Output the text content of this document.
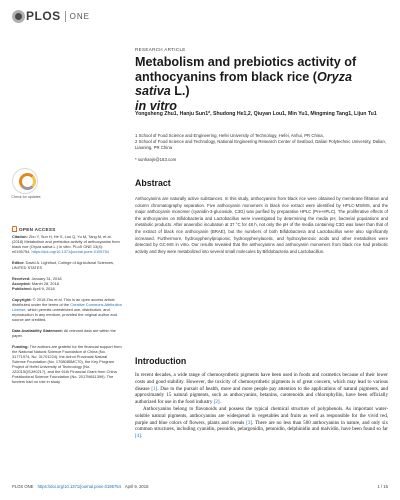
PLOS ONE
RESEARCH ARTICLE
Metabolism and prebiotics activity of anthocyanins from black rice (Oryza sativa L.)
in vitro
Yongsheng Zhu1, Hanju Sun1*, Shudong He1,2, Qiuyan Lou1, Min Yu1, Mingming Tang1, Lijun Tu1
1 School of Food Science and Engineering, Hefei University of Technology, Hefei, Anhui, PR China,
2 School of Food Science and Technology, National Engineering Research Center of Seafood, Dalian Polytechnic University, Dalian, Liaoning, PR China
* sunhanjn@163.com
Check for updates
Abstract
Anthocyanins are naturally active substances. In this study, anthocyanins from black rice were obtained by membrane filtration and column chromatography separation. Five anthocyanin monomers in black rice extract were identified by HPLC-MS/MS, and the major anthocyanin monomer (cyanidin-3-glucoside, C3G) was purified by preparative HPLC (Pre-HPLC). The proliferative effects of the anthocyanins on Bifidobacteria and Lactobacillus were investigated by determining the media pH, bacterial populations and metabolic products. After anaerobic incubation at 37 °C for 48 h, not only the pH of the media containing C3G was lower than that of the extract of black rice anthocyanin (BRAE), but the numbers of both Bifidobacteria and Lactobacillus were also significantly increased. Furthermore, hydroxyphenylpropionic, hydroxyphenylacetic, and hydroxybenzoic acids and other metabolites were detected by GC-MS in vitro. Our results revealed that the anthocyanins and anthocyanin monomers from black rice had prebiotic activity and they were metabolized into several small molecules by Bifidobacteria and Lactobacillus.
Introduction

In recent decades, a wide range of chemosynthetic pigments have been used in foods and cosmetics because of their lower costs and good stability. However, the toxicity of chemosynthetic pigments is of great concern, which may lead to various disease [1]. Due to the pursuit of health, more and more people pay attention to the applications of natural pigments, and approximately 15 natural pigments, such as anthocyanins, betanins, carotenoids and chlorophyllin, have been officially authorized for use in the food industry [2].

Anthocyanins belong to flavonoids and possess the typical chemical structure of polyphenols. As important water-soluble natural pigments, anthocyanins are widespread in vegetables and fruits as well as responsible for the vivid red, purple and blue colors of flowers, plants and cereals [3]. There are no less than 500 anthocyanins in nature, and only six common structures, including cyanidin, peonidin, pelargonidin, petunidin, delphinidin and malvidin, have been found so far [4].

OPEN ACCESS
Citation: Zhu Y, Sun H, He S, Lou Q, Yu M, Tang M, et al. (2018) Metabolism and prebiotics activity of anthocyanins from black rice (Oryza sativa L.) in vitro. PLoS ONE 13(4): e0195754. https://doi.org/10.1371/journal.pone.0195754
Editor: David A. Lightfoot, College of Agricultural Sciences, UNITED STATES
Received: January 31, 2018
Accepted: March 28, 2018
Published: April 9, 2018
Copyright: © 2018 Zhu et al. This is an open access article distributed under the terms of the Creative Commons Attribution License, which permits unrestricted use, distribution, and reproduction in any medium, provided the original author and source are credited.
Data Availability Statement: All relevant data are within the paper.
Funding: The authors are grateful for the financial support from the National Natural Science Foundation of China (No. 31771974, No. 31701224), the Anhui Provincial Natural Science Foundation (No. 1708085MC70), the Key Program Project of Hefei University of Technology (No. JZ2015QSJH0217), and the 61th Financial Grant from China Postdoctoral Science Foundation (No. 2017M611399). The funders had no role in study
PLOS ONE https://doi.org/10.1371/journal.pone.0195754 April 9, 2018	1 / 15
